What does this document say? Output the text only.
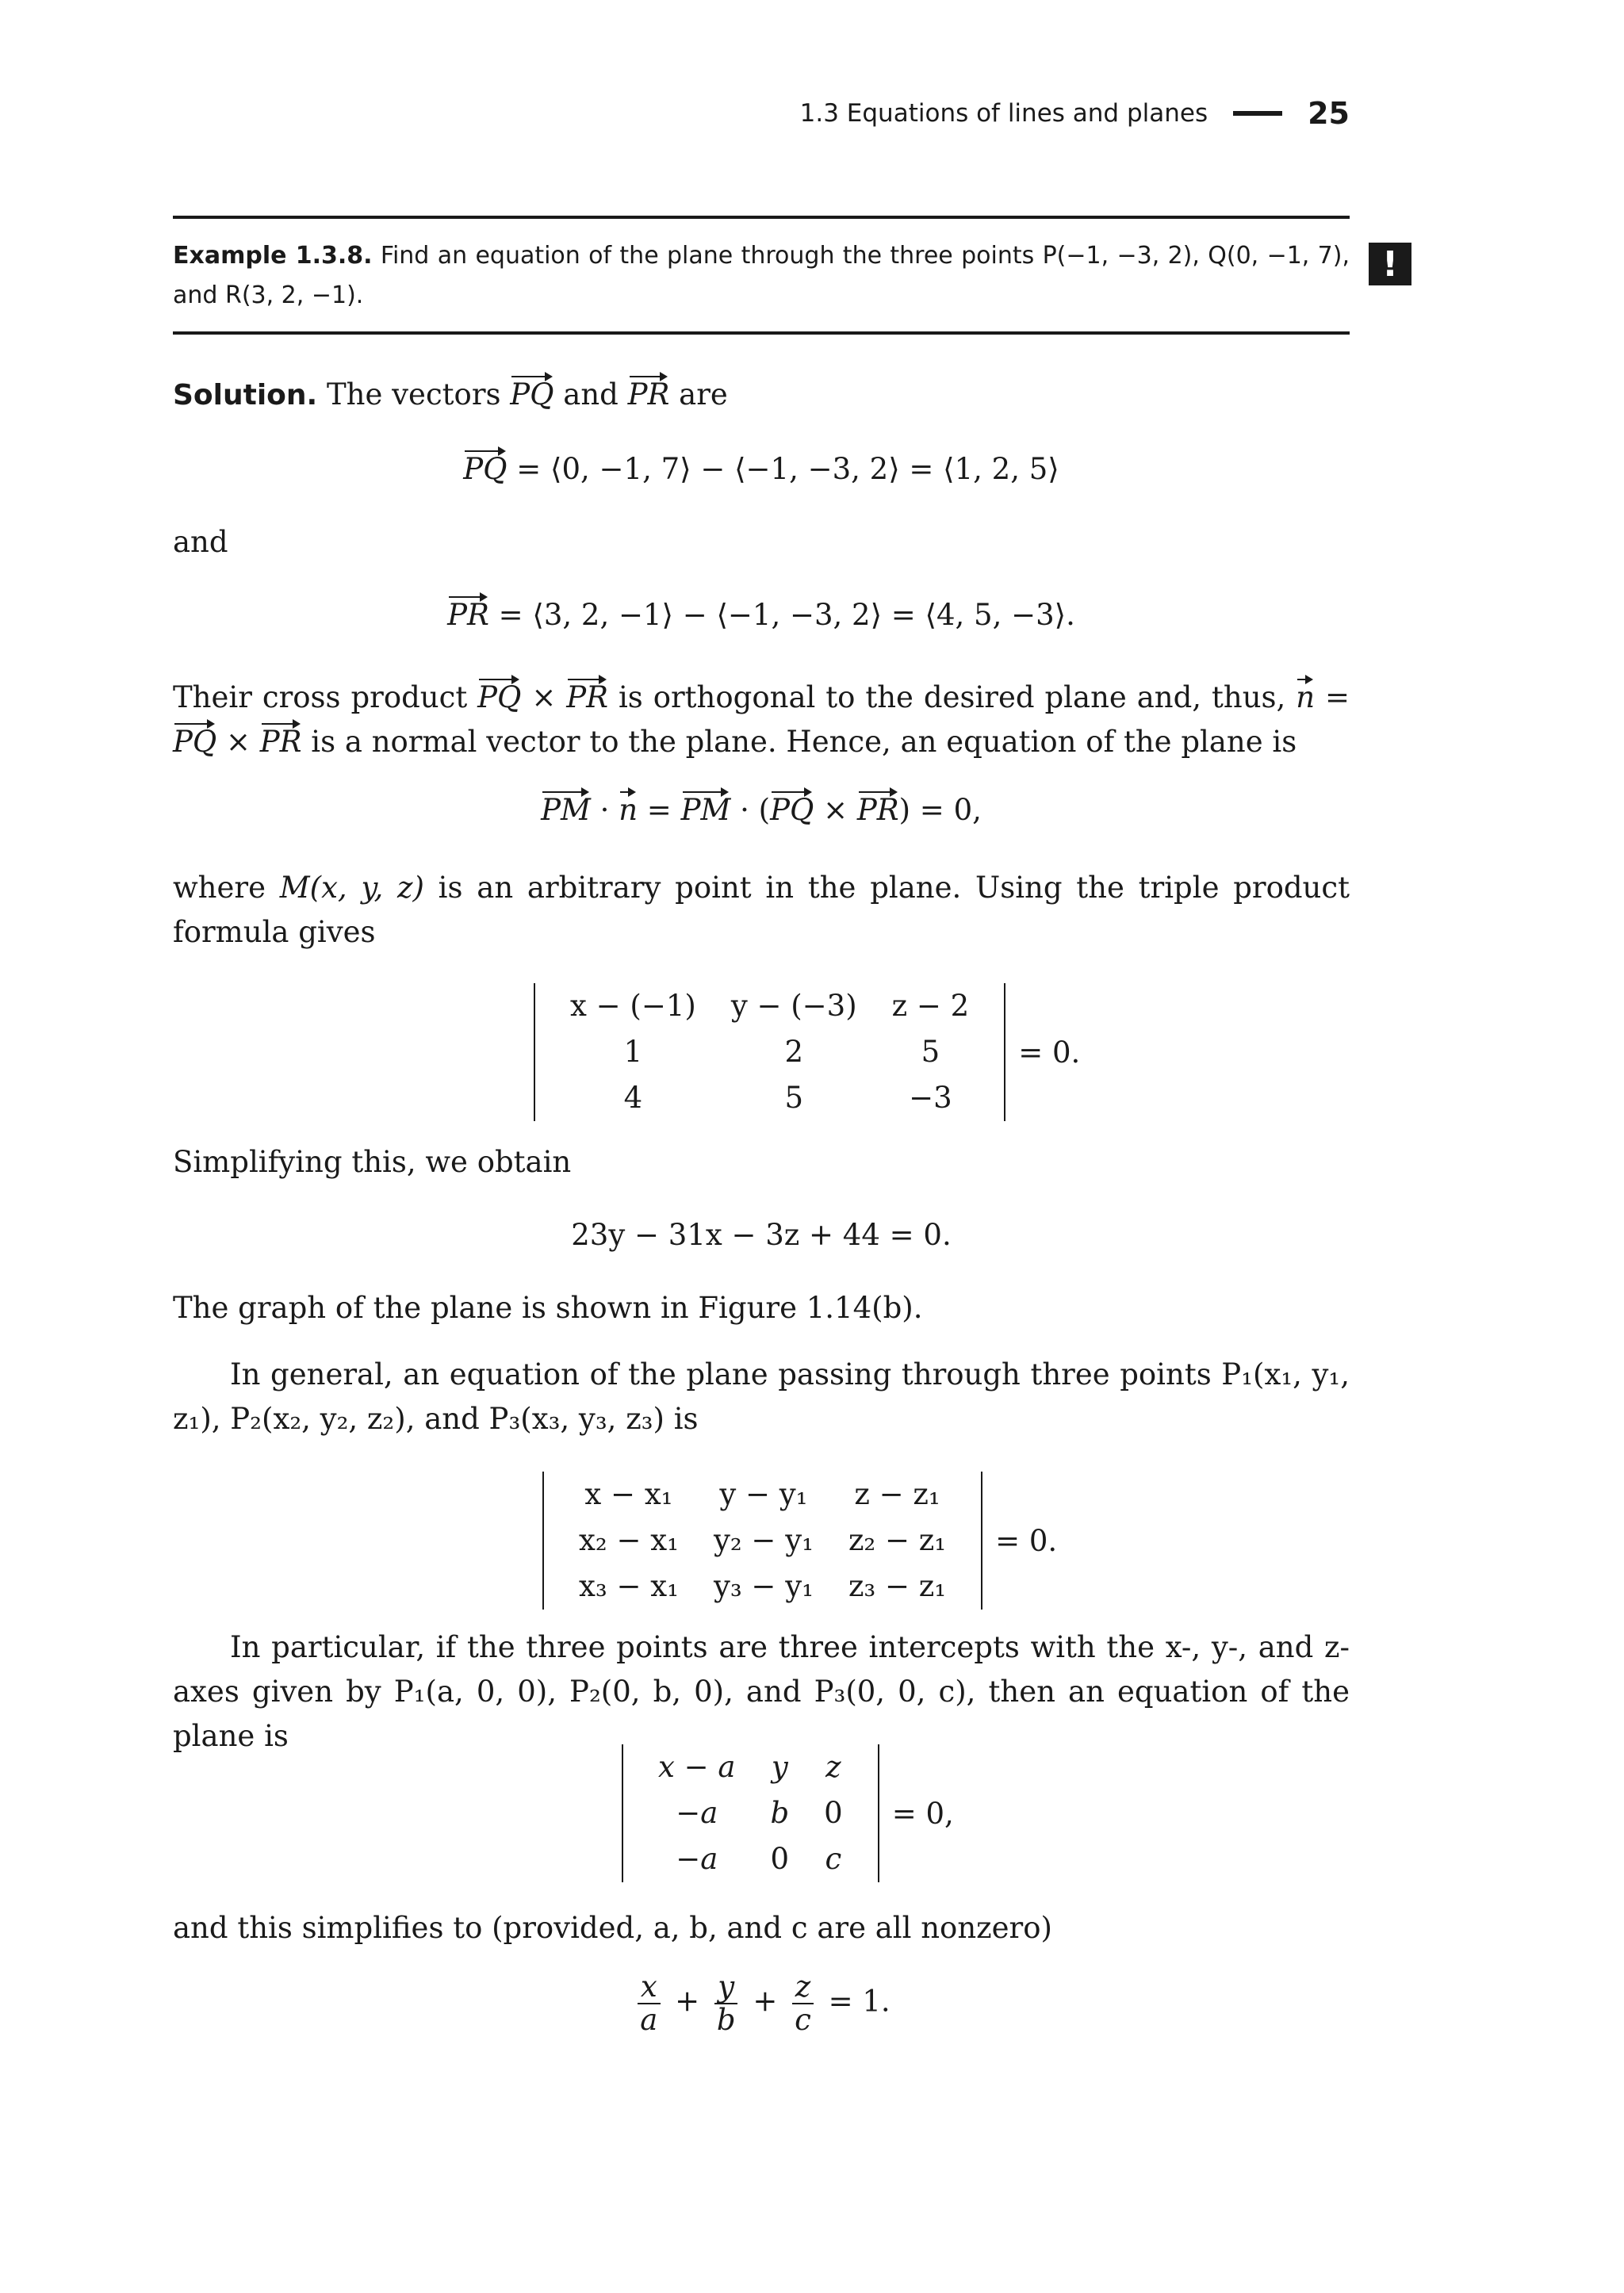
1.3 Equations of lines and planes	25
Example 1.3.8. Find an equation of the plane through the three points P(−1, −3, 2), Q(0, −1, 7), and R(3, 2, −1).
!
Solution. The vectors PQ and PR are
PQ = ⟨0, −1, 7⟩ − ⟨−1, −3, 2⟩ = ⟨1, 2, 5⟩
and
PR = ⟨3, 2, −1⟩ − ⟨−1, −3, 2⟩ = ⟨4, 5, −3⟩.
Their cross product PQ × PR is orthogonal to the desired plane and, thus, n = PQ × PR is a normal vector to the plane. Hence, an equation of the plane is
PM · n = PM · (PQ × PR) = 0,
where M(x, y, z) is an arbitrary point in the plane. Using the triple product formula gives
x − (−1)	y − (−3)	z − 2
1	2	5
4	5	−3
= 0.
Simplifying this, we obtain
23y − 31x − 3z + 44 = 0.
The graph of the plane is shown in Figure 1.14(b).
In general, an equation of the plane passing through three points P₁(x₁, y₁, z₁), P₂(x₂, y₂, z₂), and P₃(x₃, y₃, z₃) is
x − x₁	y − y₁	z − z₁
x₂ − x₁	y₂ − y₁	z₂ − z₁
x₃ − x₁	y₃ − y₁	z₃ − z₁
= 0.
In particular, if the three points are three intercepts with the x-, y-, and z-axes given by P₁(a, 0, 0), P₂(0, b, 0), and P₃(0, 0, c), then an equation of the plane is
x − a	y	z
−a	b	0
−a	0	c
= 0,
and this simplifies to (provided, a, b, and c are all nonzero)
$\frac{x}{a} + \frac{y}{b} + \frac{z}{c} = 1$.
